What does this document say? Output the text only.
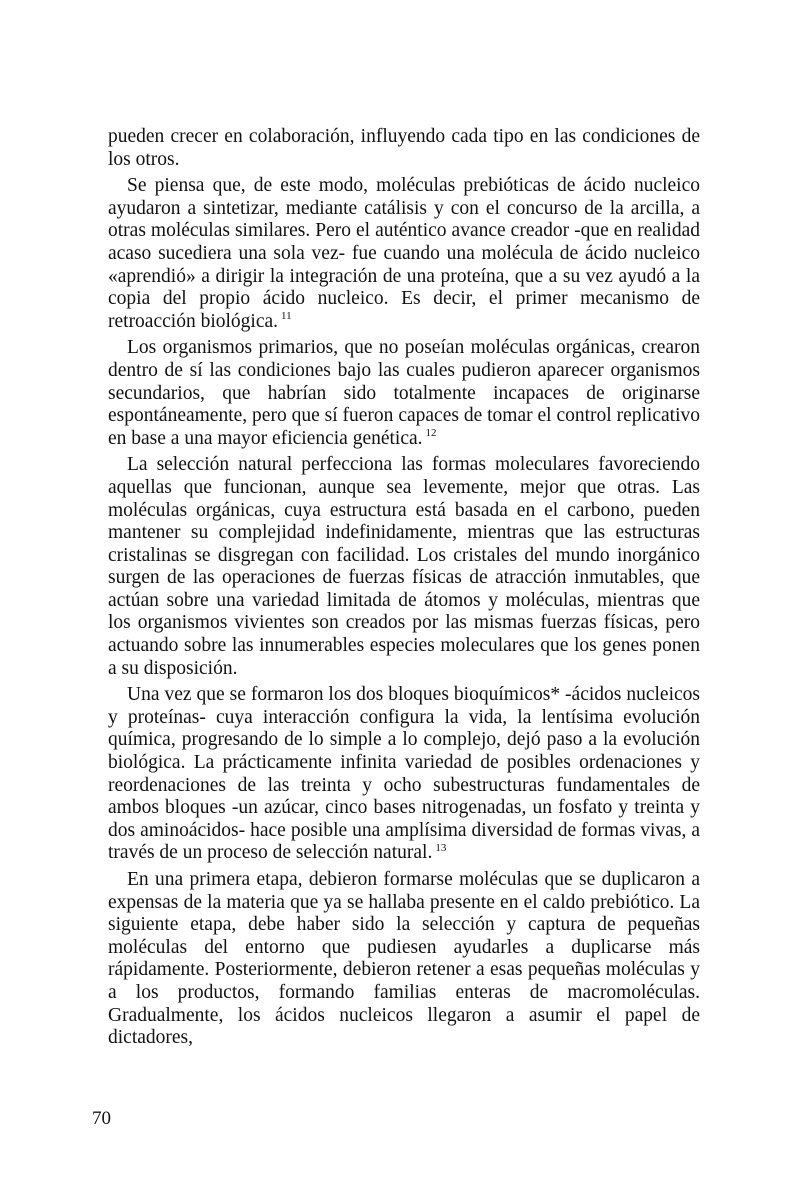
pueden crecer en colaboración, influyendo cada tipo en las condiciones de los otros.

Se piensa que, de este modo, moléculas prebióticas de ácido nucleico ayudaron a sintetizar, mediante catálisis y con el concurso de la arcilla, a otras moléculas similares. Pero el auténtico avance creador -que en realidad acaso sucediera una sola vez- fue cuando una molécula de ácido nucleico «aprendió» a dirigir la integración de una proteína, que a su vez ayudó a la copia del propio ácido nucleico. Es decir, el primer mecanismo de retroacción biológica. $^{11}$

Los organismos primarios, que no poseían moléculas orgánicas, crearon dentro de sí las condiciones bajo las cuales pudieron aparecer organismos secundarios, que habrían sido totalmente incapaces de originarse espontáneamente, pero que sí fueron capaces de tomar el control replicativo en base a una mayor eficiencia genética. $^{12}$

La selección natural perfecciona las formas moleculares favoreciendo aquellas que funcionan, aunque sea levemente, mejor que otras. Las moléculas orgánicas, cuya estructura está basada en el carbono, pueden mantener su complejidad indefinidamente, mientras que las estructuras cristalinas se disgregan con facilidad. Los cristales del mundo inorgánico surgen de las operaciones de fuerzas físicas de atracción inmutables, que actúan sobre una variedad limitada de átomos y moléculas, mientras que los organismos vivientes son creados por las mismas fuerzas físicas, pero actuando sobre las innumerables especies moleculares que los genes ponen a su disposición.

Una vez que se formaron los dos bloques bioquímicos* -ácidos nucleicos y proteínas- cuya interacción configura la vida, la lentísima evolución química, progresando de lo simple a lo complejo, dejó paso a la evolución biológica. La prácticamente infinita variedad de posibles ordenaciones y reordenaciones de las treinta y ocho subestructuras fundamentales de ambos bloques -un azúcar, cinco bases nitrogenadas, un fosfato y treinta y dos aminoácidos- hace posible una amplísima diversidad de formas vivas, a través de un proceso de selección natural. $^{13}$

En una primera etapa, debieron formarse moléculas que se duplicaron a expensas de la materia que ya se hallaba presente en el caldo prebiótico. La siguiente etapa, debe haber sido la selección y captura de pequeñas moléculas del entorno que pudiesen ayudarles a duplicarse más rápidamente. Posteriormente, debieron retener a esas pequeñas moléculas y a los productos, formando familias enteras de macromoléculas. Gradualmente, los ácidos nucleicos llegaron a asumir el papel de dictadores,

70
